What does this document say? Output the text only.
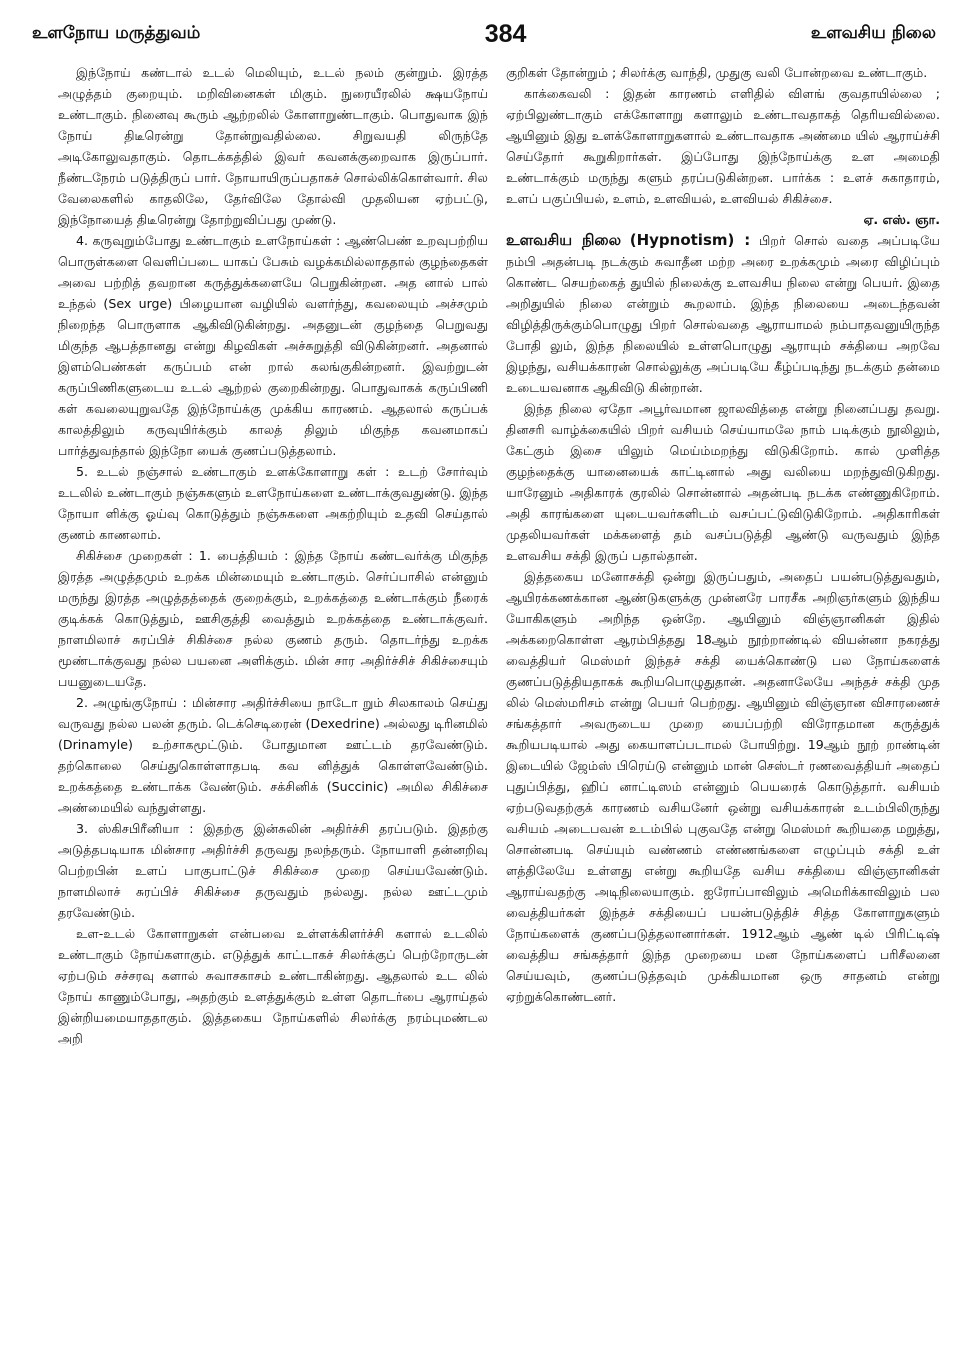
உளநோய மருத்துவம்	384	உளவசிய நிலை

இந்நோய் கண்டால் உடல் மெலியும், உடல் நலம் குன்றும். இரத்த அழுத்தம் குறையும். மறிவினைகள் மிகும். நுரையீரலில் க்ஷயநோய் உண்டாகும். நினைவு கூரும் ஆற்றலில் கோளாறுண்டாகும். பொதுவாக இந் நோய் திடீரென்று தோன்றுவதில்லை. சிறுவயதி லிருந்தே அடிகோலுவதாகும். தொடக்கத்தில் இவர் கவனக்குறைவாக இருப்பார். நீண்டநேரம் படுத்திருப் பார். நோயாயிருப்பதாகச் சொல்லிக்கொள்வார். சில வேலைகளில் காதலிலே, தேர்விலே தோல்வி முதலியன ஏற்பட்டு, இந்நோயைத் திடீரென்று தோற்றுவிப்பது முண்டு.

4. கருவுறும்போது உண்டாகும் உளநோய்கள் : ஆண்பெண் உறவுபற்றிய பொருள்களை வெளிப்படை யாகப் பேசும் வழக்கமில்லாததால் குழந்தைகள் அவை பற்றித் தவறான கருத்துக்களையே பெறுகின்றன. அத னால் பால் உந்தல் (Sex urge) பிழையான வழியில் வளர்ந்து, கவலையும் அச்சமும் நிறைந்த பொருளாக ஆகிவிடுகின்றது. அதனுடன் குழந்தை பெறுவது மிகுந்த ஆபத்தானது என்று கிழவிகள் அச்சுறுத்தி விடுகின்றனர். அதனால் இளம்பெண்கள் கருப்பம் என் றால் கலங்குகின்றனர். இவற்றுடன் கருப்பிணிகளுடைய உடல் ஆற்றல் குறைகின்றது. பொதுவாகக் கருப்பிணி கள் கவலையுறுவதே இந்நோய்க்கு முக்கிய காரணம். ஆதலால் கருப்பக் காலத்திலும் கருவுயிர்க்கும் காலத் திலும் மிகுந்த கவனமாகப் பார்த்துவந்தால் இந்நோ யைக் குணப்படுத்தலாம்.

5. உடல் நஞ்சால் உண்டாகும் உளக்கோளாறு கள் : உடற் சோர்வும் உடலில் உண்டாகும் நஞ்சுகளும் உளநோய்களை உண்டாக்குவதுண்டு. இந்த நோயா ளிக்கு ஓய்வு கொடுத்தும் நஞ்சுகளை அகற்றியும் உதவி செய்தால் குணம் காணலாம்.

சிகிச்சை முறைகள் : 1. பைத்தியம் : இந்த நோய் கண்டவர்க்கு மிகுந்த இரத்த அழுத்தமும் உறக்க மின்மையும் உண்டாகும். செர்ப்பாசில் என்னும் மருந்து இரத்த அழுத்தத்தைக் குறைக்கும், உறக்கத்தை உண்டாக்கும் நீரைக் குடிக்கக் கொடுத்தும், ஊசிகுத்தி வைத்தும் உறக்கத்தை உண்டாக்குவர். நாளமிலாச் சுரப்பிச் சிகிச்சை நல்ல குணம் தரும். தொடர்ந்து உறக்க மூண்டாக்குவது நல்ல பயனை அளிக்கும். மின் சார அதிர்ச்சிச் சிகிச்சையும் பயனுடையதே.

2. அழுங்குநோய் : மின்சார அதிர்ச்சியை நாடோ றும் சிலகாலம் செய்து வருவது நல்ல பலன் தரும். டெக்செடிரைன் (Dexedrine) அல்லது டிரினமில் (Drinamyle) உற்சாகமூட்டும். போதுமான ஊட்டம் தரவேண்டும். தற்கொலை செய்துகொள்ளாதபடி கவ னித்துக் கொள்ளவேண்டும். உறக்கத்தை உண்டாக்க வேண்டும். சக்சினிக் (Succinic) அமில சிகிச்சை அண்மையில் வந்துள்ளது.

3. ஸ்கிசபிரீனியா : இதற்கு இன்சுலின் அதிர்ச்சி தரப்படும். இதற்கு அடுத்தபடியாக மின்சார அதிர்ச்சி தருவது நலந்தரும். நோயாளி தன்னறிவு பெற்றபின் உளப் பாகுபாட்டுச் சிகிச்சை முறை செய்யவேண்டும். நாளமிலாச் சுரப்பிச் சிகிச்சை தருவதும் நல்லது. நல்ல ஊட்டமும் தரவேண்டும்.

உள-உடல் கோளாறுகள் என்பவை உள்ளக்கிளர்ச்சி களால் உடலில் உண்டாகும் நோய்களாகும். எடுத்துக் காட்டாகச் சிலர்க்குப் பெற்றோருடன் ஏற்படும் சச்சரவு களால் சுவாசகாசம் உண்டாகின்றது. ஆதலால் உட லில் நோய் காணும்போது, அதற்கும் உளத்துக்கும் உள்ள தொடர்பை ஆராய்தல் இன்றியமையாததாகும். இத்தகைய நோய்களில் சிலர்க்கு நரம்புமண்டல அறி

குறிகள் தோன்றும் ; சிலர்க்கு வாந்தி, முதுகு வலி போன்றவை உண்டாகும்.

காக்கைவலி : இதன் காரணம் எளிதில் விளங் குவதாயில்லை ; ஏற்பிலுண்டாகும் எக்கோளாறு களாலும் உண்டாவதாகத் தெரியவில்லை. ஆயினும் இது உளக்கோளாறுகளால் உண்டாவதாக அண்மை யில் ஆராய்ச்சி செய்தோர் கூறுகிறார்கள். இப்போது இந்நோய்க்கு உள அமைதி உண்டாக்கும் மருந்து களும் தரப்படுகின்றன. பார்க்க : உளச் சுகாதாரம், உளப் பகுப்பியல், உளம், உளவியல், உளவியல் சிகிச்சை.

ஏ. எஸ். ஞா.

உளவசிய நிலை (Hypnotism) : பிறர் சொல் வதை அப்படியே நம்பி அதன்படி நடக்கும் சுவாதீன மற்ற அரை உறக்கமும் அரை விழிப்பும் கொண்ட செயற்கைத் துயில் நிலைக்கு உளவசிய நிலை என்று பெயர். இதை அறிதுயில் நிலை என்றும் கூறலாம். இந்த நிலையை அடைந்தவன் விழித்திருக்கும்பொழுது பிறர் சொல்வதை ஆராயாமல் நம்பாதவனுயிருந்த போதி லும், இந்த நிலையில் உள்ளபொழுது ஆராயும் சக்தியை அறவே இழந்து, வசியக்காரன் சொல்லுக்கு அப்படியே கீழ்ப்படிந்து நடக்கும் தன்மை உடையவனாக ஆகிவிடு கின்றான்.

இந்த நிலை ஏதோ அபூர்வமான ஜாலவித்தை என்று நினைப்பது தவறு. தினசரி வாழ்க்கையில் பிறர் வசியம் செய்யாமலே நாம் படிக்கும் நூலிலும், கேட்கும் இசை யிலும் மெய்ம்மறந்து விடுகிறோம். கால் முளித்த குழந்தைக்கு யானையைக் காட்டினால் அது வலியை மறந்துவிடுகிறது. யாரேனும் அதிகாரக் குரலில் சொன்னால் அதன்படி நடக்க எண்ணுகிறோம். அதி காரங்களை யுடையவர்களிடம் வசப்பட்டுவிடுகிறோம். அதிகாரிகள் முதலியவர்கள் மக்களைத் தம் வசப்படுத்தி ஆண்டு வருவதும் இந்த உளவசிய சக்தி இருப் பதால்தான்.

இத்தகைய மனோசக்தி ஒன்று இருப்பதும், அதைப் பயன்படுத்துவதும், ஆயிரக்கணக்கான ஆண்டுகளுக்கு முன்னரே பாரசீக அறிஞர்களும் இந்திய யோகிகளும் அறிந்த ஒன்றே. ஆயினும் விஞ்ஞானிகள் இதில் அக்கறைகொள்ள ஆரம்பித்தது 18ஆம் நூற்றாண்டில் வியன்னா நகரத்து வைத்தியர் மெஸ்மர் இந்தச் சக்தி யைக்கொண்டு பல நோய்களைக் குணப்படுத்தியதாகக் கூறியபொழுதுதான். அதனாலேயே அந்தச் சக்தி முத லில் மெஸ்மரிசம் என்று பெயர் பெற்றது. ஆயினும் விஞ்ஞான விசாரணைச் சங்கத்தார் அவருடைய முறை யைப்பற்றி விரோதமான கருத்துக் கூறியபடியால் அது கையாளப்படாமல் போயிற்று. 19ஆம் நூற் றாண்டின் இடையில் ஜேம்ஸ் பிரெய்டு என்னும் மான் செஸ்டர் ரணவைத்தியர் அதைப் புதுப்பித்து, ஹிப் னாட்டிஸம் என்னும் பெயரைக் கொடுத்தார். வசியம் ஏற்படுவதற்குக் காரணம் வசியனேர் ஒன்று வசியக்காரன் உடம்பிலிருந்து வசியம் அடைபவன் உடம்பில் புகுவதே என்று மெஸ்மர் கூறியதை மறுத்து, சொன்னபடி செய்யும் வண்ணம் எண்ணங்களை எழுப்பும் சக்தி உள் ளத்திலேயே உள்ளது என்று கூறியதே வசிய சக்தியை விஞ்ஞானிகள் ஆராய்வதற்கு அடிநிலையாகும். ஐரோப்பாவிலும் அமெரிக்காவிலும் பல வைத்தியர்கள் இந்தச் சக்தியைப் பயன்படுத்திச் சித்த கோளாறுகளும் நோய்களைக் குணப்படுத்தலானார்கள். 1912ஆம் ஆண் டில் பிரிட்டிஷ் வைத்திய சங்கத்தார் இந்த முறையை மன நோய்களைப் பரிசீலனை செய்யவும், குணப்படுத்தவும் முக்கியமான ஒரு சாதனம் என்று ஏற்றுக்கொண்டனர்.
